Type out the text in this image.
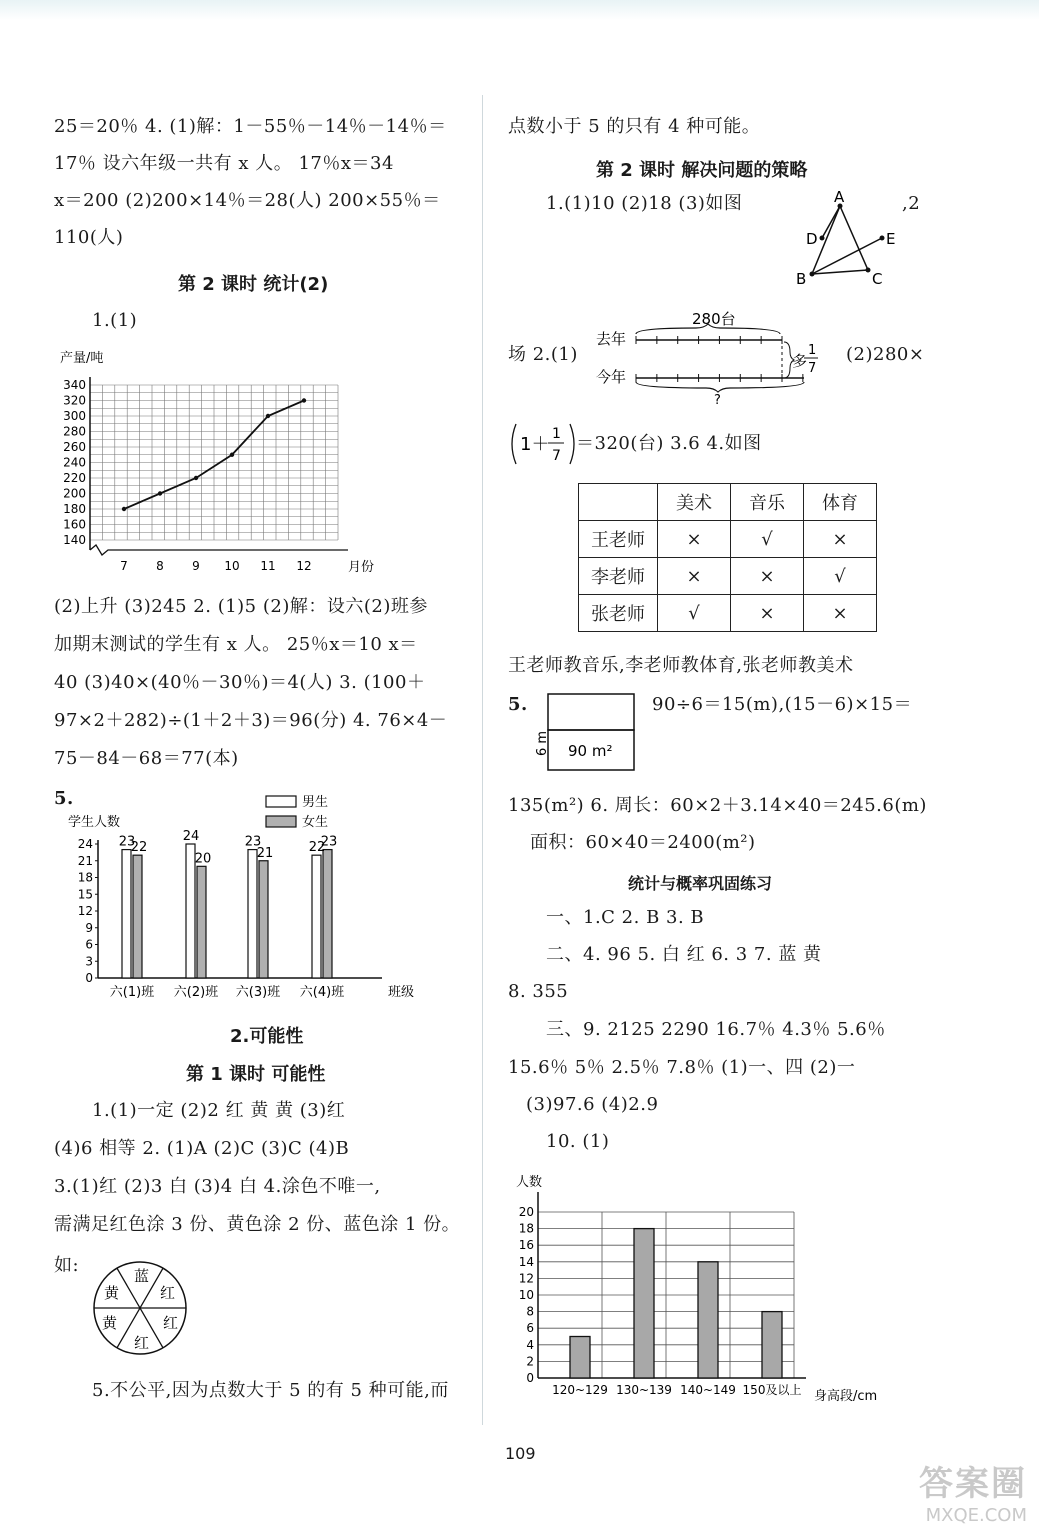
25＝20％ 4. (1)解：1－55％－14％－14％＝
17％ 设六年级一共有 x 人。 17％x＝34
x＝200 (2)200×14％＝28(人) 200×55％＝
110(人)
第 2 课时 统计(2)
1.(1)
产量/吨
140
160
180
200
220
240
260
280
300
320
340
7 8 9 10 11 12	月份
(2)上升 (3)245 2. (1)5 (2)解：设六(2)班参
加期末测试的学生有 x 人。 25％x＝10 x＝
40 (3)40×(40％－30％)＝4(人) 3. (100＋
97×2＋282)÷(1＋2＋3)＝96(分) 4. 76×4－
75－84－68＝77(本)
5.
学生人数
男生
女生
0
3
6
9
12
15
18
21
24 23
22
24
20
23
21	22
23
六(1)班 六(2)班 六(3)班 六(4)班	班级
2.可能性
第 1 课时 可能性
1.(1)一定 (2)2 红 黄 黄 (3)红
(4)6 相等 2. (1)A (2)C (3)C (4)B
3.(1)红 (2)3 白 (3)4 白 4.涂色不唯一,
需满足红色涂 3 份、黄色涂 2 份、蓝色涂 1 份。
如:	蓝
红
红
红
黄
黄
5.不公平,因为点数大于 5 的有 5 种可能,而
点数小于 5 的只有 4 种可能。
第 2 课时 解决问题的策略
1.(1)10 (2)18 (3)如图	,2
A
D	E
B	C
场 2.(1)
280台
去年
今年
多
1
7
?
(2)280×
1＋ 1
7
＝320(台) 3.6 4.如图
	美术	音乐	体育
王老师	×	√	×
李老师	×	×	√
张老师	√	×	×
王老师教音乐,李老师教体育,张老师教美术
5.
6 m 90 m²
90÷6＝15(m),(15－6)×15＝
135(m²) 6. 周长：60×2＋3.14×40＝245.6(m)
面积：60×40＝2400(m²)
统计与概率巩固练习
一、1.C 2. B 3. B
二、4. 96 5. 白 红 6. 3 7. 蓝 黄
8. 355
三、9. 2125 2290 16.7％ 4.3％ 5.6％
15.6％ 5％ 2.5％ 7.8％ (1)一、四 (2)一
(3)97.6 (4)2.9
10. (1)
人数
0
2
4
6
8
10
12
14
16
18
20
120~129 130~139 140~149 150及以上 身高段/cm
109
答案圈
MXQE.COM
